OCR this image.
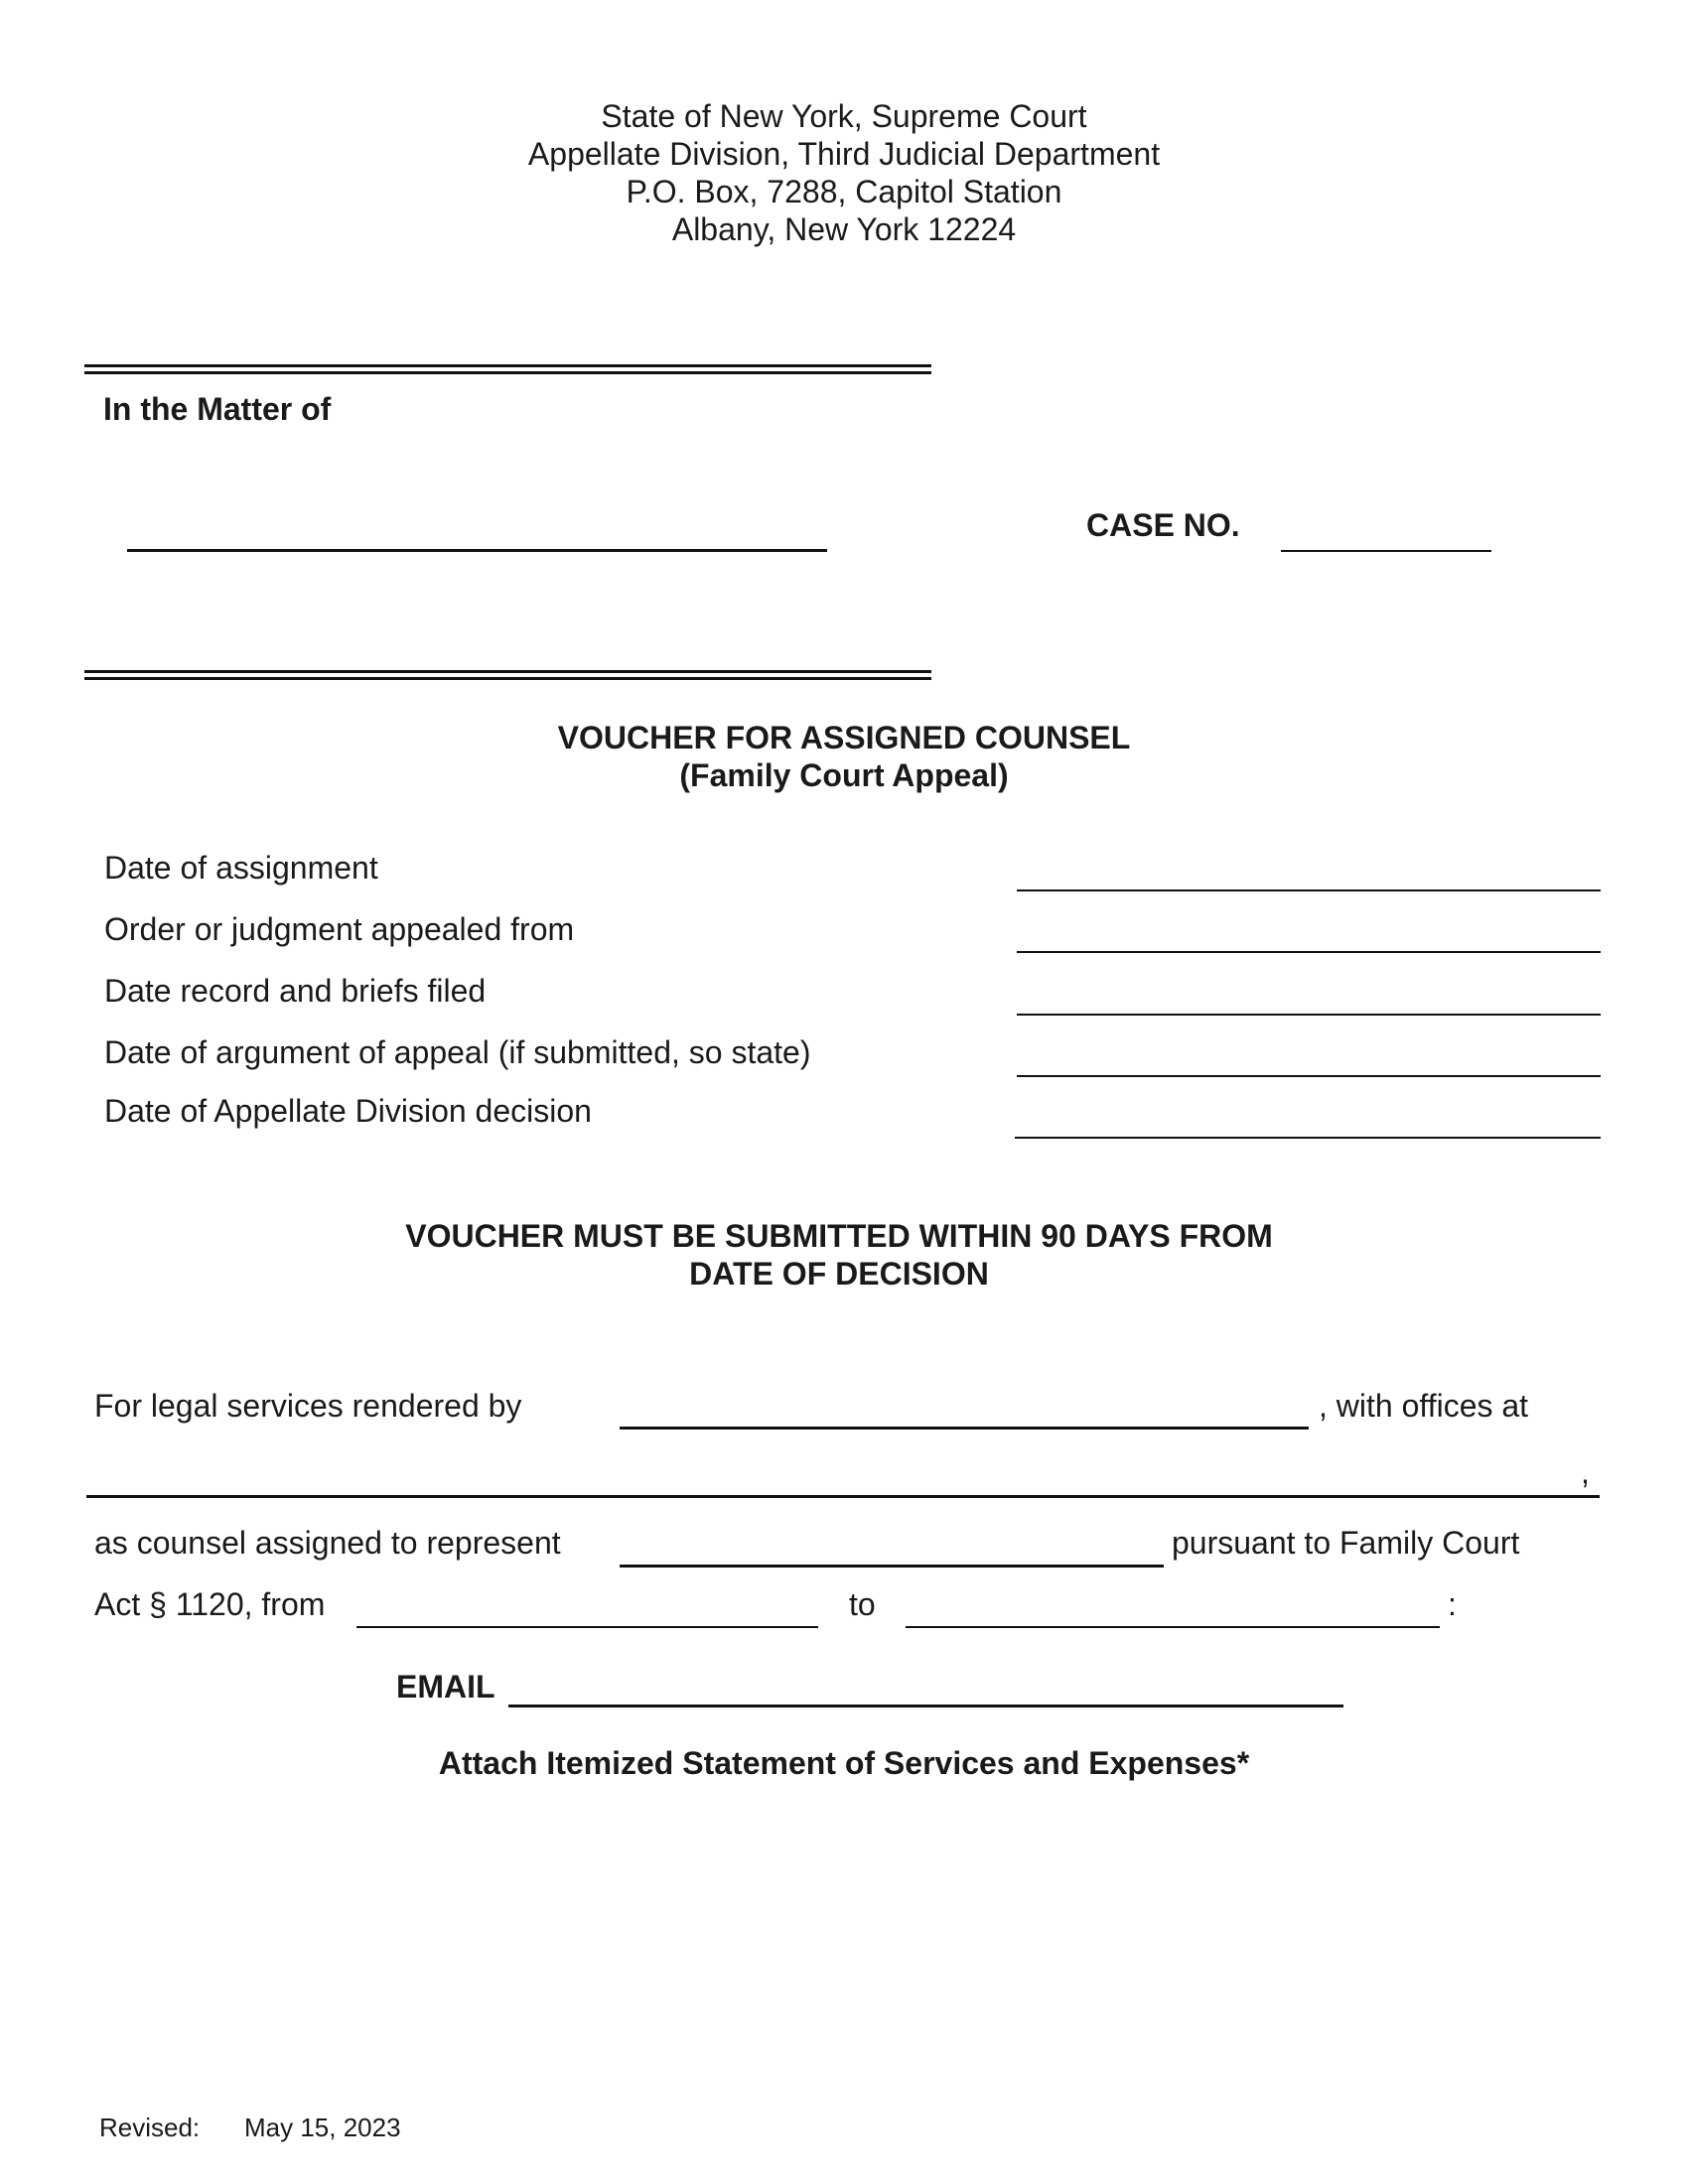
State of New York, Supreme Court
Appellate Division, Third Judicial Department
P.O. Box, 7288, Capitol Station
Albany, New York 12224
In the Matter of
CASE NO.
VOUCHER FOR ASSIGNED COUNSEL
(Family Court Appeal)
Date of assignment
Order or judgment appealed from
Date record and briefs filed
Date of argument of appeal (if submitted, so state)
Date of Appellate Division decision
VOUCHER MUST BE SUBMITTED WITHIN 90 DAYS FROM
DATE OF DECISION
For legal services rendered by	, with offices at
,
as counsel assigned to represent	pursuant to Family Court
Act § 1120, from	to	:
EMAIL
Attach Itemized Statement of Services and Expenses*
Revised: May 15, 2023
